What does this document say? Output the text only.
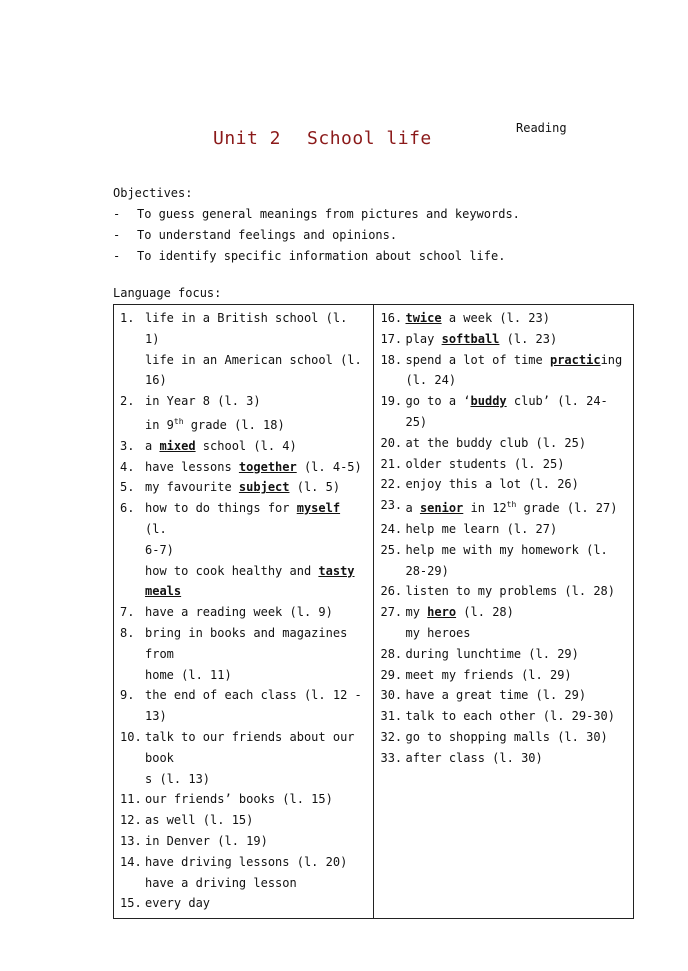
Reading
Unit 2 School life
Objectives:
-	To guess general meanings from pictures and keywords.
-	To understand feelings and opinions.
-	To identify specific information about school life.
Language focus:
1. life in a British school (l. 1)
life in an American school (l.
16)
2. in Year 8 (l. 3)
in 9th grade (l. 18)
3. a mixed school (l. 4)
4. have lessons together (l. 4-5)
5. my favourite subject (l. 5)
6. how to do things for myself (l.
6-7)
how to cook healthy and tasty
meals
7. have a reading week (l. 9)
8. bring in books and magazines from
home (l. 11)
9. the end of each class (l. 12 -
13)
10. talk to our friends about our book
s (l. 13)
11. our friends’ books (l. 15)
12. as well (l. 15)
13. in Denver (l. 19)
14. have driving lessons (l. 20)
have a driving lesson
15. every day

16. twice a week (l. 23)
17. play softball (l. 23)
18. spend a lot of time practicing
(l. 24)
19. go to a ‘buddy club’ (l. 24-25)
20. at the buddy club (l. 25)
21. older students (l. 25)
22. enjoy this a lot (l. 26)
23. a senior in 12th grade (l. 27)
24. help me learn (l. 27)
25. help me with my homework (l.
28-29)
26. listen to my problems (l. 28)
27. my hero (l. 28)
my heroes
28. during lunchtime (l. 29)
29. meet my friends (l. 29)
30. have a great time (l. 29)
31. talk to each other (l. 29-30)
32. go to shopping malls (l. 30)
33. after class (l. 30)
